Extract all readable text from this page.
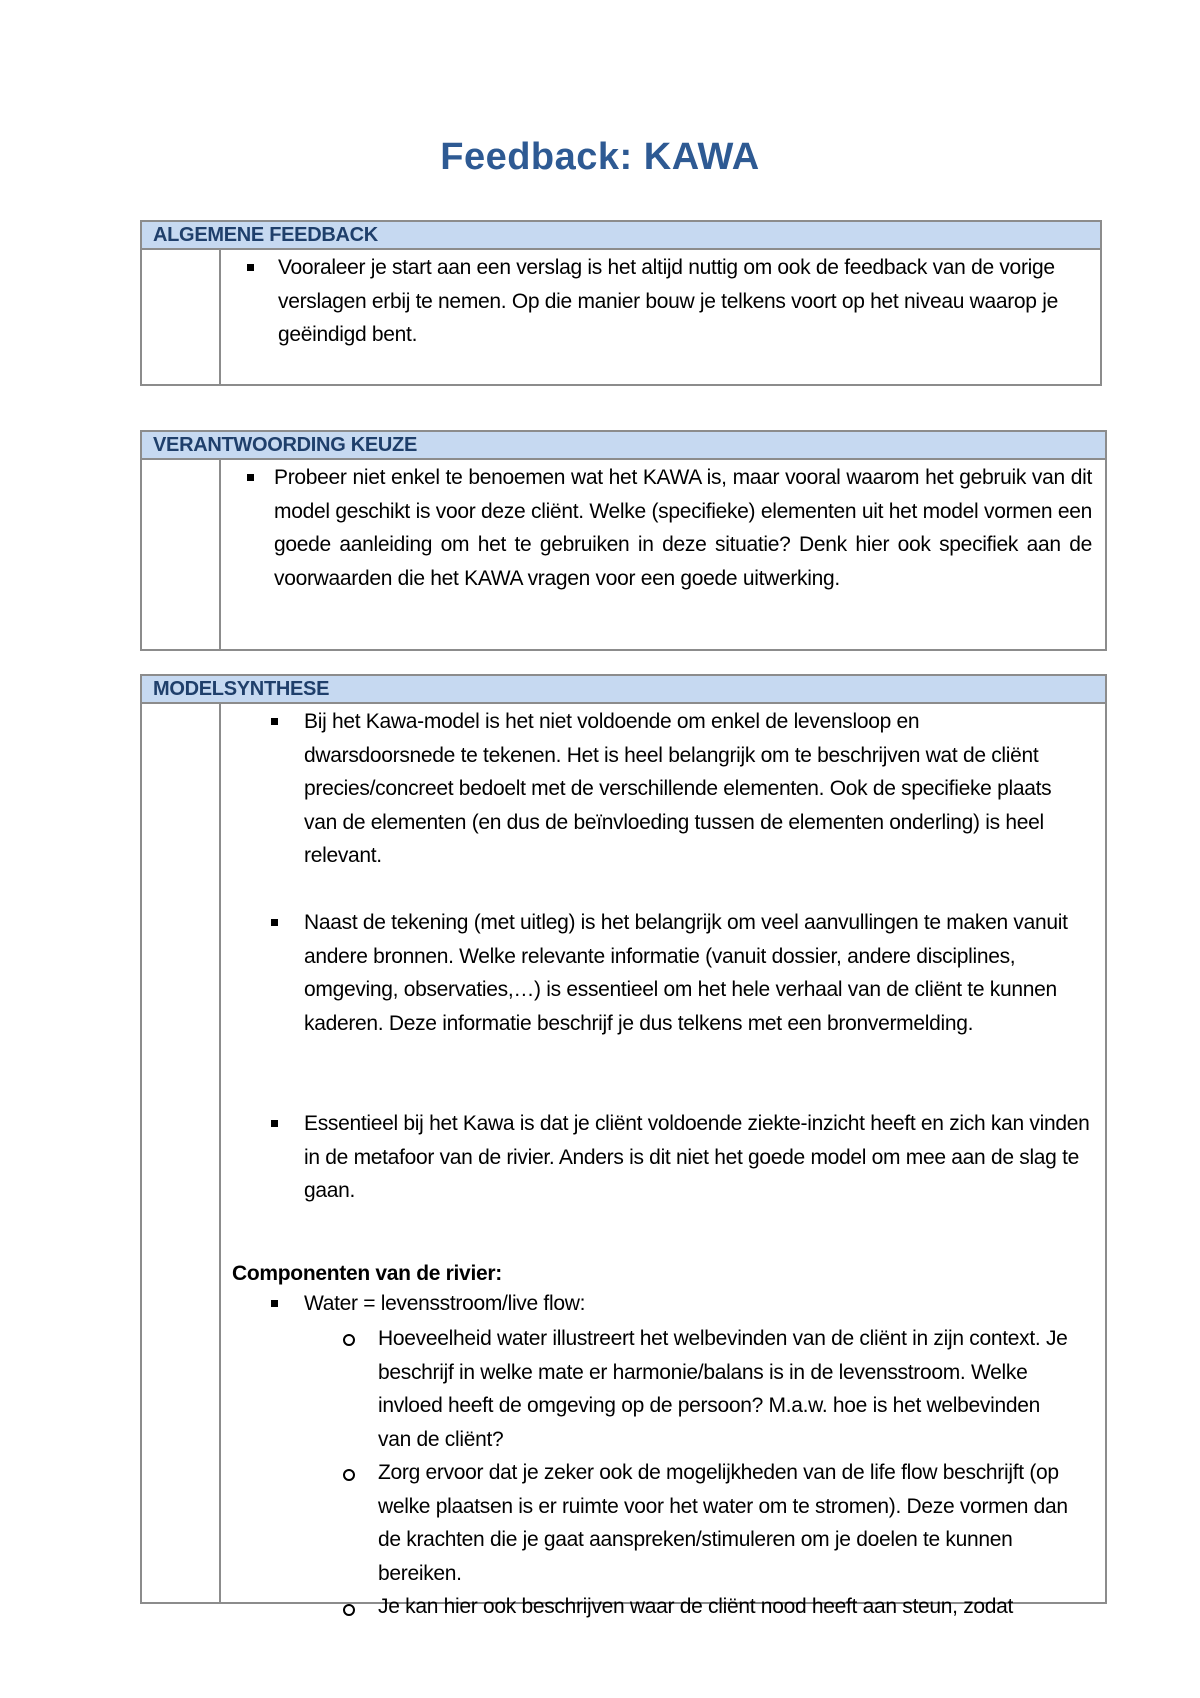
Feedback: KAWA
ALGEMENE FEEDBACK
Vooraleer je start aan een verslag is het altijd nuttig om ook de feedback van de vorige verslagen erbij te nemen. Op die manier bouw je telkens voort op het niveau waarop je geëindigd bent.
VERANTWOORDING KEUZE
Probeer niet enkel te benoemen wat het KAWA is, maar vooral waarom het gebruik van dit model geschikt is voor deze cliënt. Welke (specifieke) elementen uit het model vormen een goede aanleiding om het te gebruiken in deze situatie? Denk hier ook specifiek aan de voorwaarden die het KAWA vragen voor een goede uitwerking.
MODELSYNTHESE
Bij het Kawa-model is het niet voldoende om enkel de levensloop en dwarsdoorsnede te tekenen. Het is heel belangrijk om te beschrijven wat de cliënt precies/concreet bedoelt met de verschillende elementen. Ook de specifieke plaats van de elementen (en dus de beïnvloeding tussen de elementen onderling) is heel relevant.
Naast de tekening (met uitleg) is het belangrijk om veel aanvullingen te maken vanuit andere bronnen. Welke relevante informatie (vanuit dossier, andere disciplines, omgeving, observaties,…) is essentieel om het hele verhaal van de cliënt te kunnen kaderen. Deze informatie beschrijf je dus telkens met een bronvermelding.
Essentieel bij het Kawa is dat je cliënt voldoende ziekte-inzicht heeft en zich kan vinden in de metafoor van de rivier. Anders is dit niet het goede model om mee aan de slag te gaan.
Componenten van de rivier:
Water = levensstroom/live flow:
Hoeveelheid water illustreert het welbevinden van de cliënt in zijn context. Je beschrijf in welke mate er harmonie/balans is in de levensstroom. Welke invloed heeft de omgeving op de persoon? M.a.w. hoe is het welbevinden van de cliënt?
Zorg ervoor dat je zeker ook de mogelijkheden van de life flow beschrijft (op welke plaatsen is er ruimte voor het water om te stromen). Deze vormen dan de krachten die je gaat aanspreken/stimuleren om je doelen te kunnen bereiken.
Je kan hier ook beschrijven waar de cliënt nood heeft aan steun, zodat
